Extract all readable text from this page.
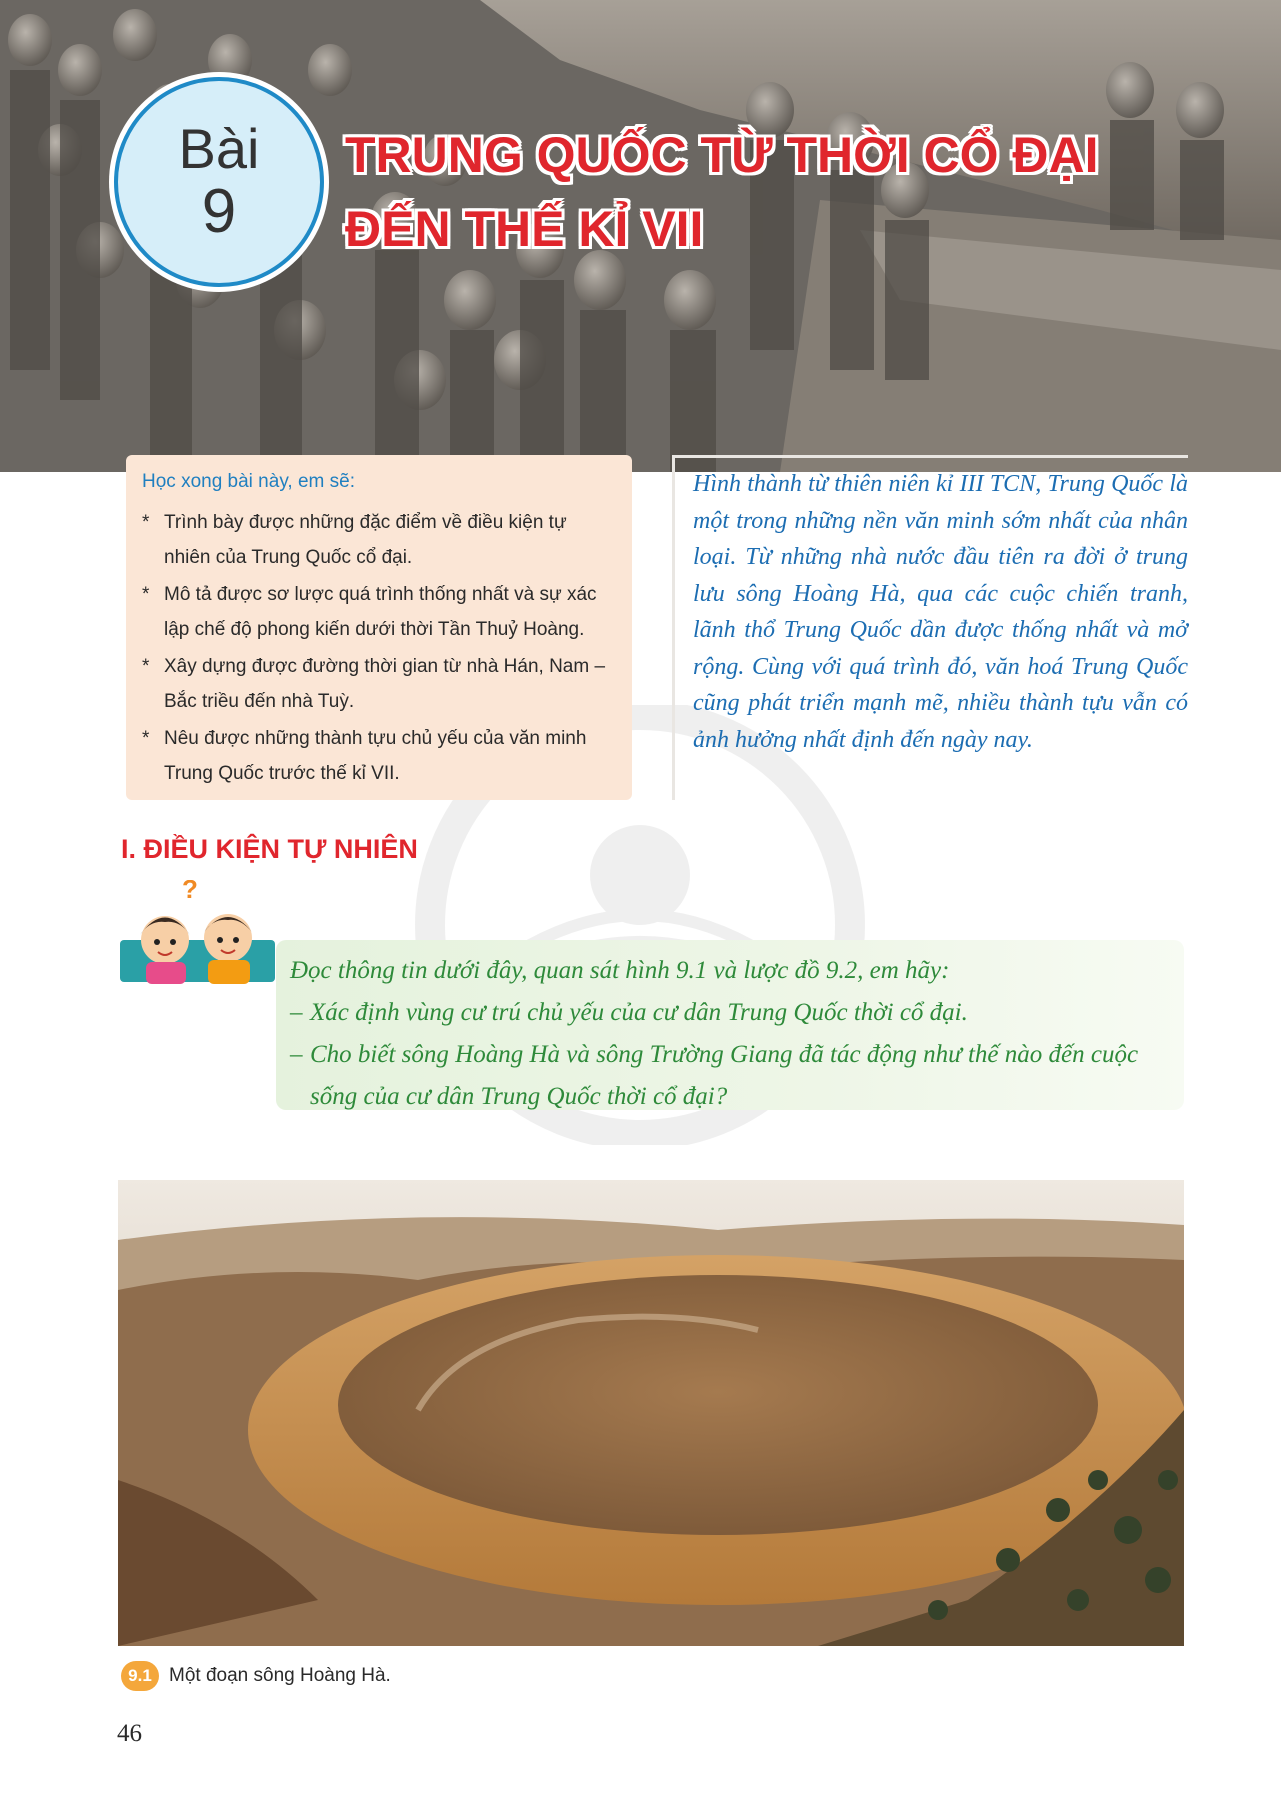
Bài
9
TRUNG QUỐC TỪ THỜI CỔ ĐẠI
ĐẾN THẾ KỈ VII
Học xong bài này, em sẽ:
* Trình bày được những đặc điểm về điều kiện tự nhiên của Trung Quốc cổ đại.
* Mô tả được sơ lược quá trình thống nhất và sự xác lập chế độ phong kiến dưới thời Tần Thuỷ Hoàng.
* Xây dựng được đường thời gian từ nhà Hán, Nam – Bắc triều đến nhà Tuỳ.
* Nêu được những thành tựu chủ yếu của văn minh Trung Quốc trước thế kỉ VII.
Hình thành từ thiên niên kỉ III TCN, Trung Quốc là một trong những nền văn minh sớm nhất của nhân loại. Từ những nhà nước đầu tiên ra đời ở trung lưu sông Hoàng Hà, qua các cuộc chiến tranh, lãnh thổ Trung Quốc dần được thống nhất và mở rộng. Cùng với quá trình đó, văn hoá Trung Quốc cũng phát triển mạnh mẽ, nhiều thành tựu vẫn có ảnh hưởng nhất định đến ngày nay.
I. ĐIỀU KIỆN TỰ NHIÊN
?
Đọc thông tin dưới đây, quan sát hình 9.1 và lược đồ 9.2, em hãy:
– Xác định vùng cư trú chủ yếu của cư dân Trung Quốc thời cổ đại.
– Cho biết sông Hoàng Hà và sông Trường Giang đã tác động như thế nào đến cuộc sống của cư dân Trung Quốc thời cổ đại?
9.1 Một đoạn sông Hoàng Hà.
46
